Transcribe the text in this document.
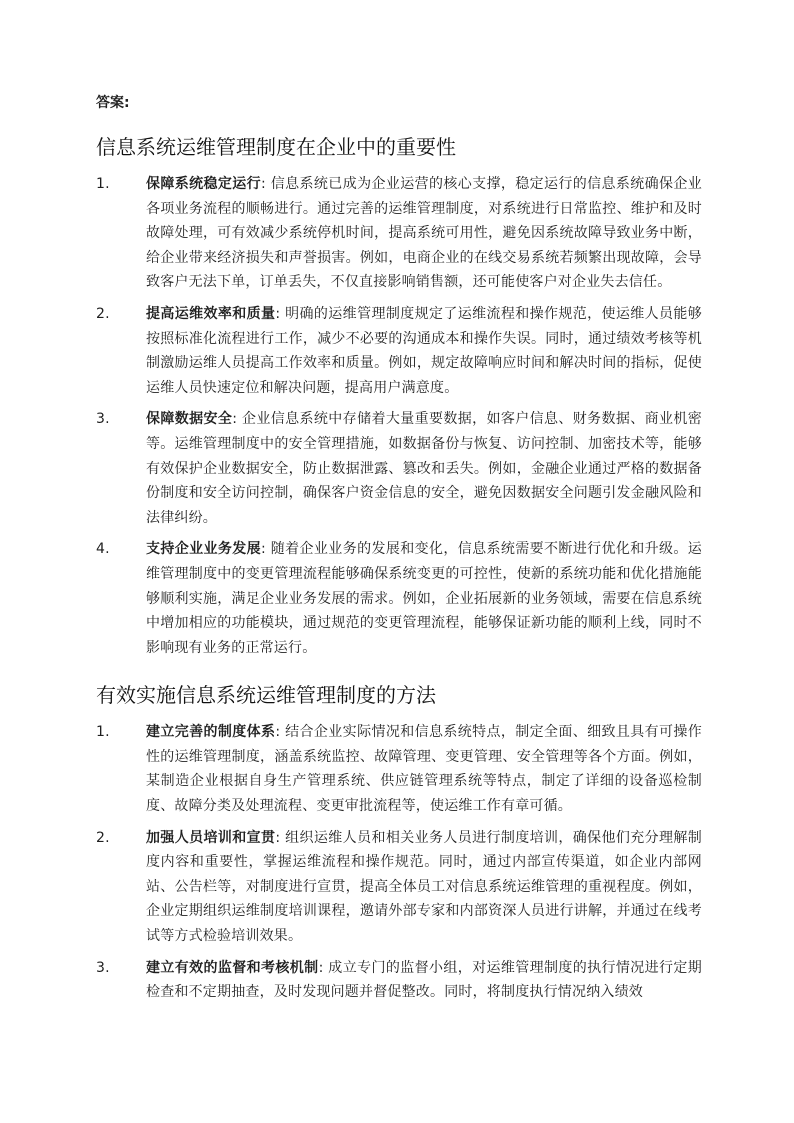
答案:
信息系统运维管理制度在企业中的重要性
1.	保障系统稳定运行: 信息系统已成为企业运营的核心支撑，稳定运行的信息系统确保企业各项业务流程的顺畅进行。通过完善的运维管理制度，对系统进行日常监控、维护和及时故障处理，可有效减少系统停机时间，提高系统可用性，避免因系统故障导致业务中断，给企业带来经济损失和声誉损害。例如，电商企业的在线交易系统若频繁出现故障，会导致客户无法下单，订单丢失，不仅直接影响销售额，还可能使客户对企业失去信任。
2.	提高运维效率和质量: 明确的运维管理制度规定了运维流程和操作规范，使运维人员能够按照标准化流程进行工作，减少不必要的沟通成本和操作失误。同时，通过绩效考核等机制激励运维人员提高工作效率和质量。例如，规定故障响应时间和解决时间的指标，促使运维人员快速定位和解决问题，提高用户满意度。
3.	保障数据安全: 企业信息系统中存储着大量重要数据，如客户信息、财务数据、商业机密等。运维管理制度中的安全管理措施，如数据备份与恢复、访问控制、加密技术等，能够有效保护企业数据安全，防止数据泄露、篡改和丢失。例如，金融企业通过严格的数据备份制度和安全访问控制，确保客户资金信息的安全，避免因数据安全问题引发金融风险和法律纠纷。
4.	支持企业业务发展: 随着企业业务的发展和变化，信息系统需要不断进行优化和升级。运维管理制度中的变更管理流程能够确保系统变更的可控性，使新的系统功能和优化措施能够顺利实施，满足企业业务发展的需求。例如，企业拓展新的业务领域，需要在信息系统中增加相应的功能模块，通过规范的变更管理流程，能够保证新功能的顺利上线，同时不影响现有业务的正常运行。
有效实施信息系统运维管理制度的方法
1.	建立完善的制度体系: 结合企业实际情况和信息系统特点，制定全面、细致且具有可操作性的运维管理制度，涵盖系统监控、故障管理、变更管理、安全管理等各个方面。例如，某制造企业根据自身生产管理系统、供应链管理系统等特点，制定了详细的设备巡检制度、故障分类及处理流程、变更审批流程等，使运维工作有章可循。
2.	加强人员培训和宣贯: 组织运维人员和相关业务人员进行制度培训，确保他们充分理解制度内容和重要性，掌握运维流程和操作规范。同时，通过内部宣传渠道，如企业内部网站、公告栏等，对制度进行宣贯，提高全体员工对信息系统运维管理的重视程度。例如，企业定期组织运维制度培训课程，邀请外部专家和内部资深人员进行讲解，并通过在线考试等方式检验培训效果。
3.	建立有效的监督和考核机制: 成立专门的监督小组，对运维管理制度的执行情况进行定期检查和不定期抽查，及时发现问题并督促整改。同时，将制度执行情况纳入绩效
